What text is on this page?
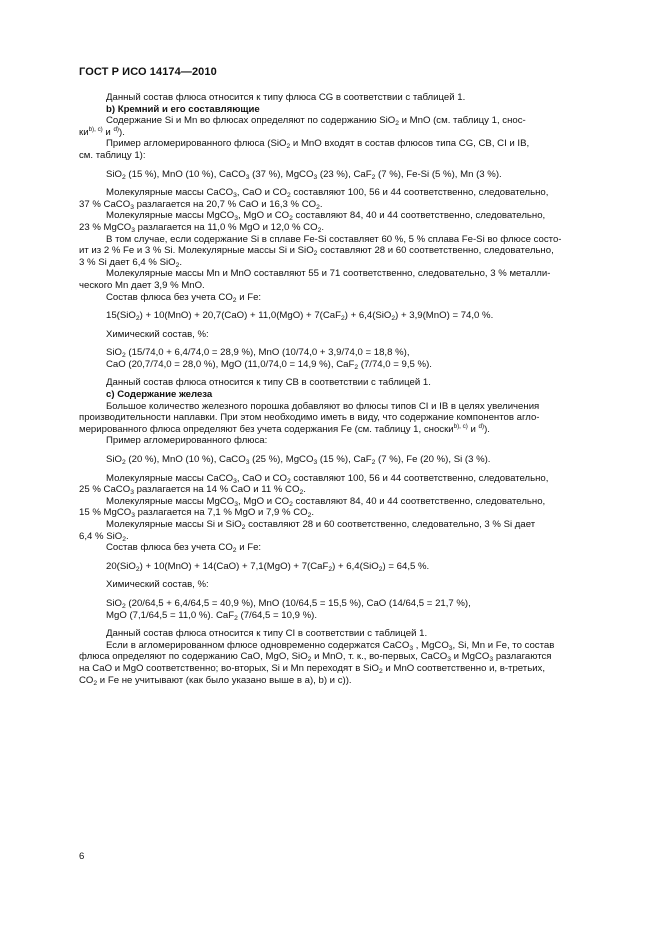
ГОСТ Р ИСО 14174—2010

Данный состав флюса относится к типу флюса CG в соответствии с таблицей 1.

b) Кремний и его составляющие

Содержание Si и Mn во флюсах определяют по содержанию SiO$_2$ и MnO (см. таблицу 1, снос-

$ки^{b), c)}$ и $^{d)}$).

Пример агломерированного флюса (SiO$_2$ и MnO входят в состав флюсов типа CG, CB, CI и IB,

см. таблицу 1):

SiO$_2$ (15 %), MnO (10 %), CaCO$_3$ (37 %), MgCO$_3$ (23 %), CaF$_2$ (7 %), Fe-Si (5 %), Mn (3 %).

Молекулярные массы CaCO$_3$, CaO и $CO_2$ составляют 100, 56 и 44 соответственно, следовательно,

37 % CaCO$_3$ разлагается на 20,7 % CaO и 16,3 % $CO_2$.

Молекулярные массы MgCO$_3$, MgO и $CO_2$ составляют 84, 40 и 44 соответственно, следовательно,

23 % MgCO$_3$ разлагается на 11,0 % MgO и 12,0 % $CO_2$.

В том случае, если содержание Si в сплаве Fe-Si составляет 60 %, 5 % сплава Fe-Si во флюсе состо-

ит из 2 % Fe и 3 % Si. Молекулярные массы Si и SiO$_2$ составляют 28 и 60 соответственно, следовательно,

3 % Si дает 6,4 % SiO$_2$.

Молекулярные массы Mn и MnO составляют 55 и 71 соответственно, следовательно, 3 % металли-

ческого Mn дает 3,9 % MnO.

Состав флюса без учета $CO_2$ и Fe:

15(SiO$_2$) + 10(MnO) + 20,7(CaO) + 11,0(MgO) + 7(CaF$_2$) + 6,4(SiO$_2$) + 3,9(MnO) = 74,0 %.

Химический состав, %:

SiO$_2$ (15/74,0 + 6,4/74,0 = 28,9 %), MnO (10/74,0 + 3,9/74,0 = 18,8 %),

CaO (20,7/74,0 = 28,0 %), MgO (11,0/74,0 = 14,9 %), CaF$_2$ (7/74,0 = 9,5 %).

Данный состав флюса относится к типу CB в соответствии с таблицей 1.

c) Содержание железа

Большое количество железного порошка добавляют во флюсы типов CI и IB в целях увеличения

производительности наплавки. При этом необходимо иметь в виду, что содержание компонентов агло-

мерированного флюса определяют без учета содержания Fe (см. таблицу 1, сноски$^{b), c)}$ и $^{d)}$).

Пример агломерированного флюса:

SiO$_2$ (20 %), MnO (10 %), CaCO$_3$ (25 %), MgCO$_3$ (15 %), CaF$_2$ (7 %), Fe (20 %), Si (3 %).

Молекулярные массы CaCO$_3$, CaO и $CO_2$ составляют 100, 56 и 44 соответственно, следовательно,

25 % CaCO$_3$ разлагается на 14 % CaO и 11 % $CO_2$.

Молекулярные массы MgCO$_3$, MgO и $CO_2$ составляют 84, 40 и 44 соответственно, следовательно,

15 % MgCO$_3$ разлагается на 7,1 % MgO и 7,9 % $CO_2$.

Молекулярные массы Si и SiO$_2$ составляют 28 и 60 соответственно, следовательно, 3 % Si дает

6,4 % SiO$_2$.

Состав флюса без учета $CO_2$ и Fe:

20(SiO$_2$) + 10(MnO) + 14(CaO) + 7,1(MgO) + 7(CaF$_2$) + 6,4(SiO$_2$) = 64,5 %.

Химический состав, %:

SiO$_2$ (20/64,5 + 6,4/64,5 = 40,9 %), MnO (10/64,5 = 15,5 %), CaO (14/64,5 = 21,7 %),

MgO (7,1/64,5 = 11,0 %). CaF$_2$ (7/64,5 = 10,9 %).

Данный состав флюса относится к типу CI в соответствии с таблицей 1.

Если в агломерированном флюсе одновременно содержатся CaCO$_3$ , MgCO$_3$, Si, Mn и Fe, то состав

флюса определяют по содержанию CaO, MgO, SiO$_2$ и MnO, т. к., во-первых, CaCO$_3$ и MgCO$_3$ разлагаются

на CaO и MgO соответственно; во-вторых, Si и Mn переходят в SiO$_2$ и MnO соответственно и, в-третьих,

$CO_2$ и Fe не учитывают (как было указано выше в а), b) и c)).

6
